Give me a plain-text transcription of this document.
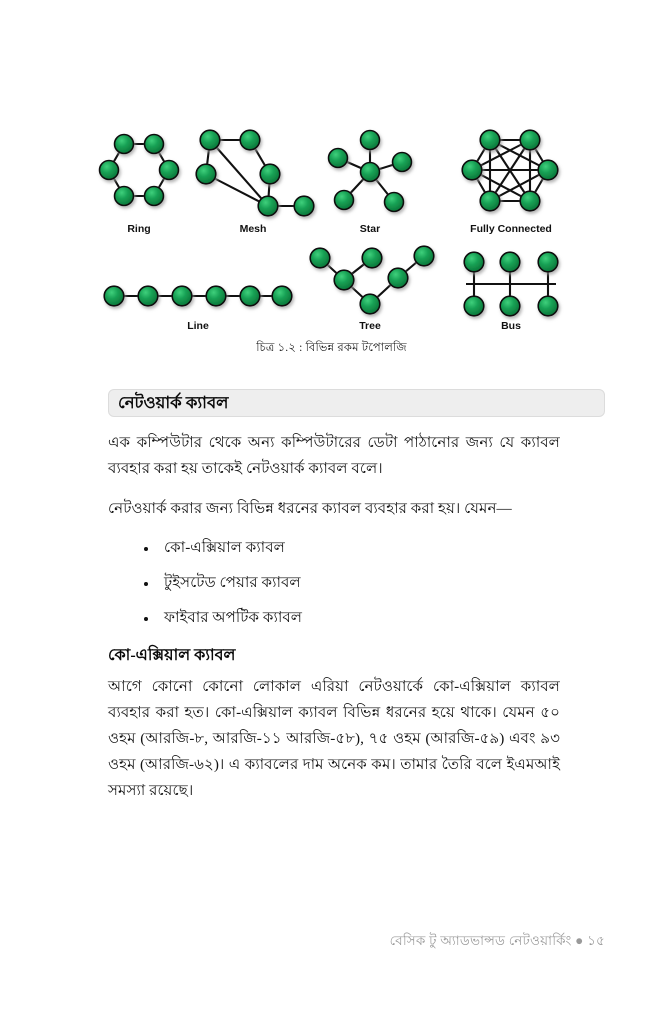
Ring	Mesh	Star	Fully Connected
Line	Tree	Bus
চিত্র ১.২ : বিভিন্ন রকম টপোলজি
নেটওয়ার্ক ক্যাবল

এক কম্পিউটার থেকে অন্য কম্পিউটারের ডেটা পাঠানোর জন্য যে ক্যাবল ব্যবহার করা হয় তাকেই নেটওয়ার্ক ক্যাবল বলে।

নেটওয়ার্ক করার জন্য বিভিন্ন ধরনের ক্যাবল ব্যবহার করা হয়। যেমন—

কো-এক্সিয়াল ক্যাবল
টুইসটেড পেয়ার ক্যাবল
ফাইবার অপটিক ক্যাবল
কো-এক্সিয়াল ক্যাবল

আগে কোনো কোনো লোকাল এরিয়া নেটওয়ার্কে কো-এক্সিয়াল ক্যাবল ব্যবহার করা হত। কো-এক্সিয়াল ক্যাবল বিভিন্ন ধরনের হয়ে থাকে। যেমন ৫০ ওহম (আরজি-৮, আরজি-১১ আরজি-৫৮), ৭৫ ওহম (আরজি-৫৯) এবং ৯৩ ওহম (আরজি-৬২)। এ ক্যাবলের দাম অনেক কম। তামার তৈরি বলে ইএমআই সমস্যা রয়েছে।

বেসিক টু অ্যাডভান্সড নেটওয়ার্কিং ● ১৫
